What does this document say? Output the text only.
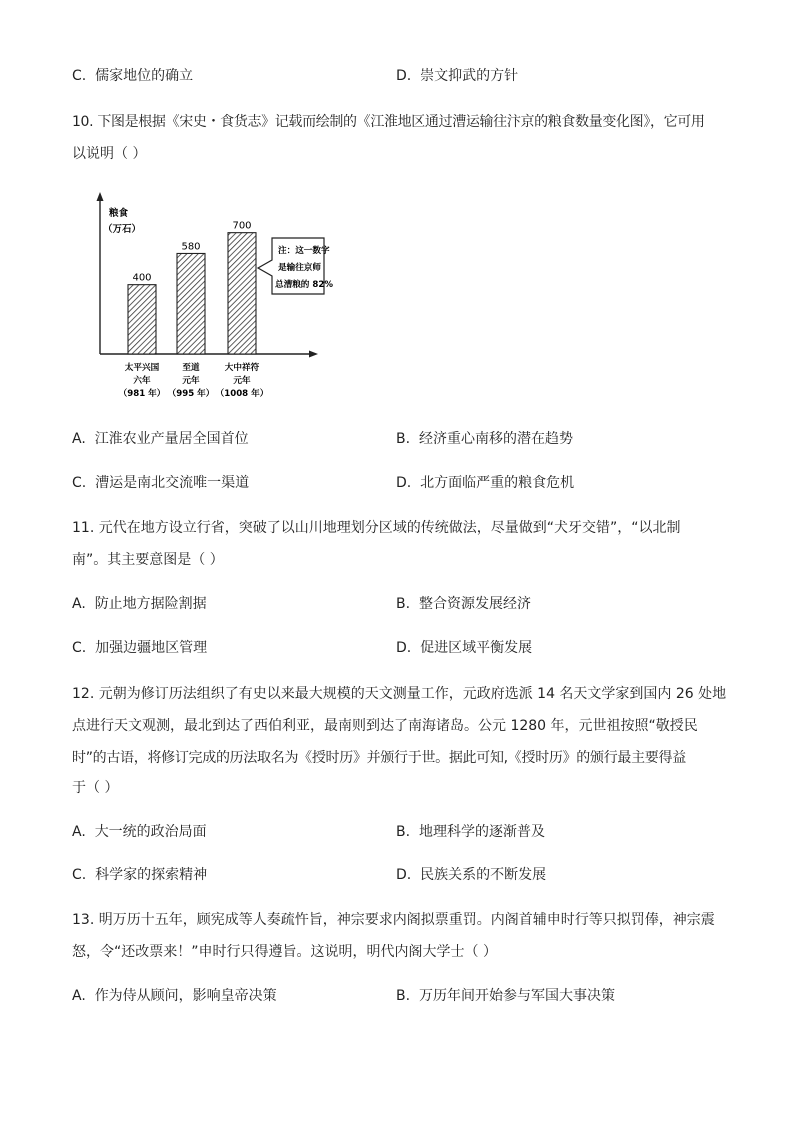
C. 儒家地位的确立	D. 崇文抑武的方针
10. 下图是根据《宋史・食货志》记载而绘制的《江淮地区通过漕运输往汴京的粮食数量变化图》，它可用
以说明（ ）
粮食
（万石）
400
580
700
太平兴国
六年
（981 年）
至道
元年
（995 年）
大中祥符
元年
（1008 年）
注：这一数字
是输往京师
总漕粮的 82%
A. 江淮农业产量居全国首位	B. 经济重心南移的潜在趋势
C. 漕运是南北交流唯一渠道	D. 北方面临严重的粮食危机
11. 元代在地方设立行省，突破了以山川地理划分区域的传统做法，尽量做到“犬牙交错”，“以北制
南”。其主要意图是（ ）
A. 防止地方据险割据	B. 整合资源发展经济
C. 加强边疆地区管理	D. 促进区域平衡发展
12. 元朝为修订历法组织了有史以来最大规模的天文测量工作，元政府选派 14 名天文学家到国内 26 处地
点进行天文观测，最北到达了西伯利亚，最南则到达了南海诸岛。公元 1280 年，元世祖按照“敬授民
时”的古语，将修订完成的历法取名为《授时历》并颁行于世。据此可知,《授时历》的颁行最主要得益
于（ ）
A. 大一统的政治局面	B. 地理科学的逐渐普及
C. 科学家的探索精神	D. 民族关系的不断发展
13. 明万历十五年，顾宪成等人奏疏忤旨，神宗要求内阁拟票重罚。内阁首辅申时行等只拟罚俸，神宗震
怒，令“还改票来！”申时行只得遵旨。这说明，明代内阁大学士（ ）
A. 作为侍从顾问，影响皇帝决策	B. 万历年间开始参与军国大事决策
